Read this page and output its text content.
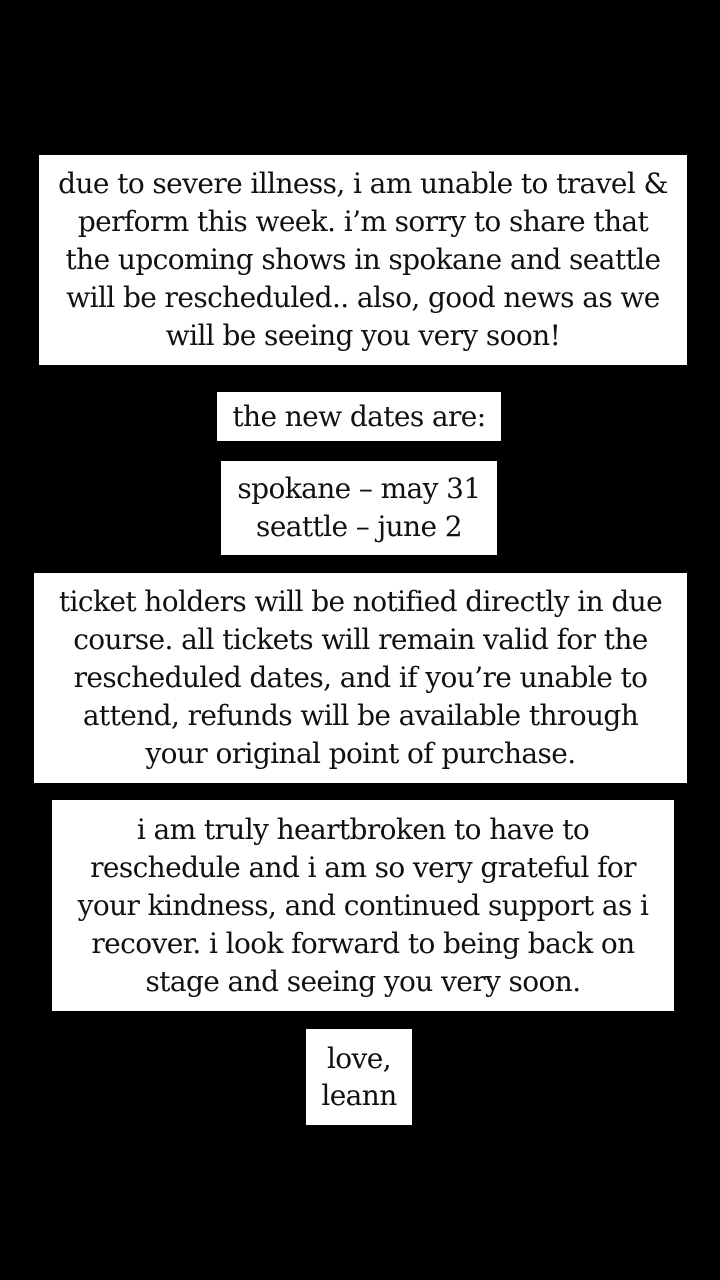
due to severe illness, i am unable to travel &
perform this week. i’m sorry to share that
the upcoming shows in spokane and seattle
will be rescheduled.. also, good news as we
will be seeing you very soon!
the new dates are:
spokane – may 31
seattle – june 2
ticket holders will be notified directly in due
course. all tickets will remain valid for the
rescheduled dates, and if you’re unable to
attend, refunds will be available through
your original point of purchase.
i am truly heartbroken to have to
reschedule and i am so very grateful for
your kindness, and continued support as i
recover. i look forward to being back on
stage and seeing you very soon.
love,
leann
